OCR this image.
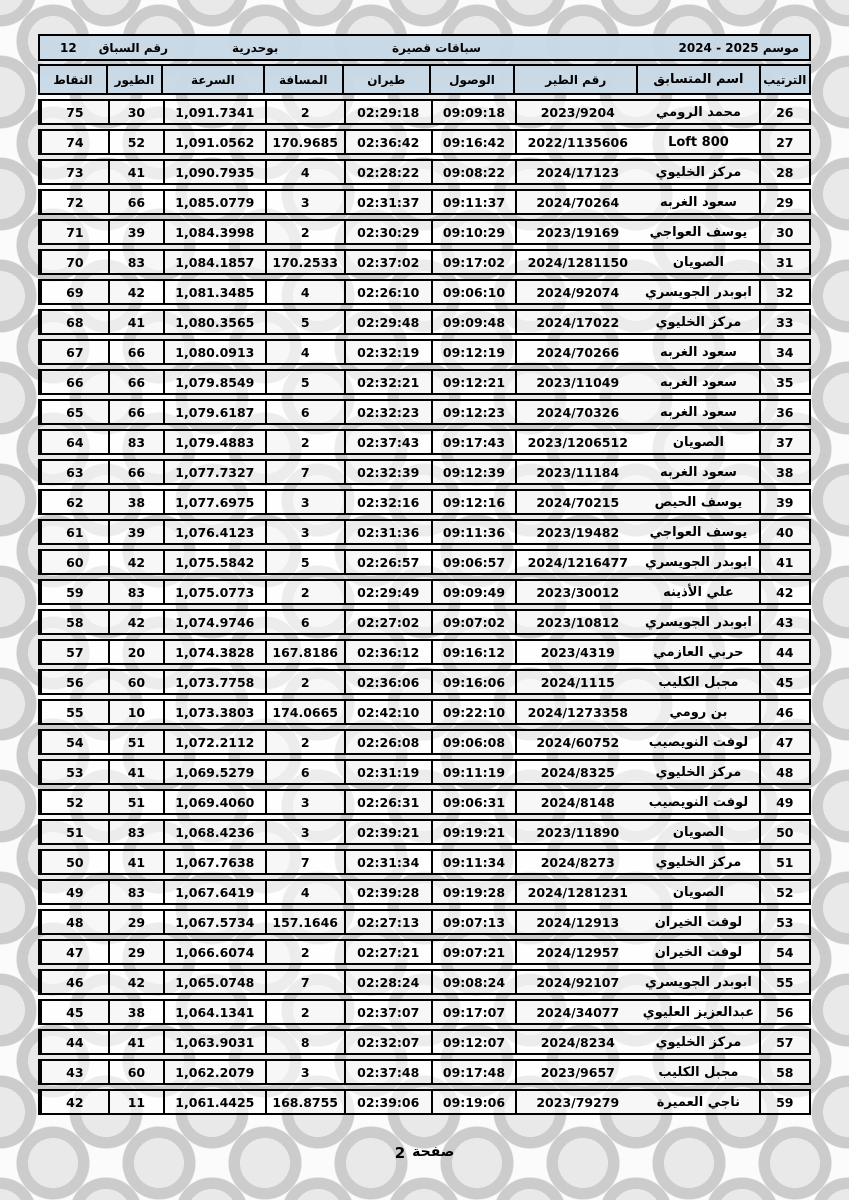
موسم 2025 - 2024
سباقات قصيرة
بوحدرية
رقم السباق
12
الترتيب
اسم المتسابق
رقم الطير
الوصول
طيران
المسافة
السرعة
الطيور
النقاط
26
محمد الرومي
2023/9204
09:09:18
02:29:18
2
1,091.7341
30
75
27
Loft 800
2022/1135606
09:16:42
02:36:42
170.9685
1,091.0562
52
74
28
مركز الخليوي
2024/17123
09:08:22
02:28:22
4
1,090.7935
41
73
29
سعود الغربه
2024/70264
09:11:37
02:31:37
3
1,085.0779
66
72
30
يوسف العواجي
2023/19169
09:10:29
02:30:29
2
1,084.3998
39
71
31
الصويان
2024/1281150
09:17:02
02:37:02
170.2533
1,084.1857
83
70
32
ابوبدر الجويسري
2024/92074
09:06:10
02:26:10
4
1,081.3485
42
69
33
مركز الخليوي
2024/17022
09:09:48
02:29:48
5
1,080.3565
41
68
34
سعود الغربه
2024/70266
09:12:19
02:32:19
4
1,080.0913
66
67
35
سعود الغربه
2023/11049
09:12:21
02:32:21
5
1,079.8549
66
66
36
سعود الغربه
2024/70326
09:12:23
02:32:23
6
1,079.6187
66
65
37
الصويان
2023/1206512
09:17:43
02:37:43
2
1,079.4883
83
64
38
سعود الغربه
2023/11184
09:12:39
02:32:39
7
1,077.7327
66
63
39
يوسف الحيص
2024/70215
09:12:16
02:32:16
3
1,077.6975
38
62
40
يوسف العواجي
2023/19482
09:11:36
02:31:36
3
1,076.4123
39
61
41
ابوبدر الجويسري
2024/1216477
09:06:57
02:26:57
5
1,075.5842
42
60
42
علي الأذينه
2023/30012
09:09:49
02:29:49
2
1,075.0773
83
59
43
ابوبدر الجويسري
2023/10812
09:07:02
02:27:02
6
1,074.9746
42
58
44
حربي العازمي
2023/4319
09:16:12
02:36:12
167.8186
1,074.3828
20
57
45
مجبل الكليب
2024/1115
09:16:06
02:36:06
2
1,073.7758
60
56
46
بن رومي
2024/1273358
09:22:10
02:42:10
174.0665
1,073.3803
10
55
47
لوفت النويصيب
2024/60752
09:06:08
02:26:08
2
1,072.2112
51
54
48
مركز الخليوي
2024/8325
09:11:19
02:31:19
6
1,069.5279
41
53
49
لوفت النويصيب
2024/8148
09:06:31
02:26:31
3
1,069.4060
51
52
50
الصويان
2023/11890
09:19:21
02:39:21
3
1,068.4236
83
51
51
مركز الخليوي
2024/8273
09:11:34
02:31:34
7
1,067.7638
41
50
52
الصويان
2024/1281231
09:19:28
02:39:28
4
1,067.6419
83
49
53
لوفت الخيران
2024/12913
09:07:13
02:27:13
157.1646
1,067.5734
29
48
54
لوفت الخيران
2024/12957
09:07:21
02:27:21
2
1,066.6074
29
47
55
ابوبدر الجويسري
2024/92107
09:08:24
02:28:24
7
1,065.0748
42
46
56
عبدالعزيز العليوي
2024/34077
09:17:07
02:37:07
2
1,064.1341
38
45
57
مركز الخليوي
2024/8234
09:12:07
02:32:07
8
1,063.9031
41
44
58
مجبل الكليب
2023/9657
09:17:48
02:37:48
3
1,062.2079
60
43
59
ناجي العميرة
2023/79279
09:19:06
02:39:06
168.8755
1,061.4425
11
42
صفحة
2
